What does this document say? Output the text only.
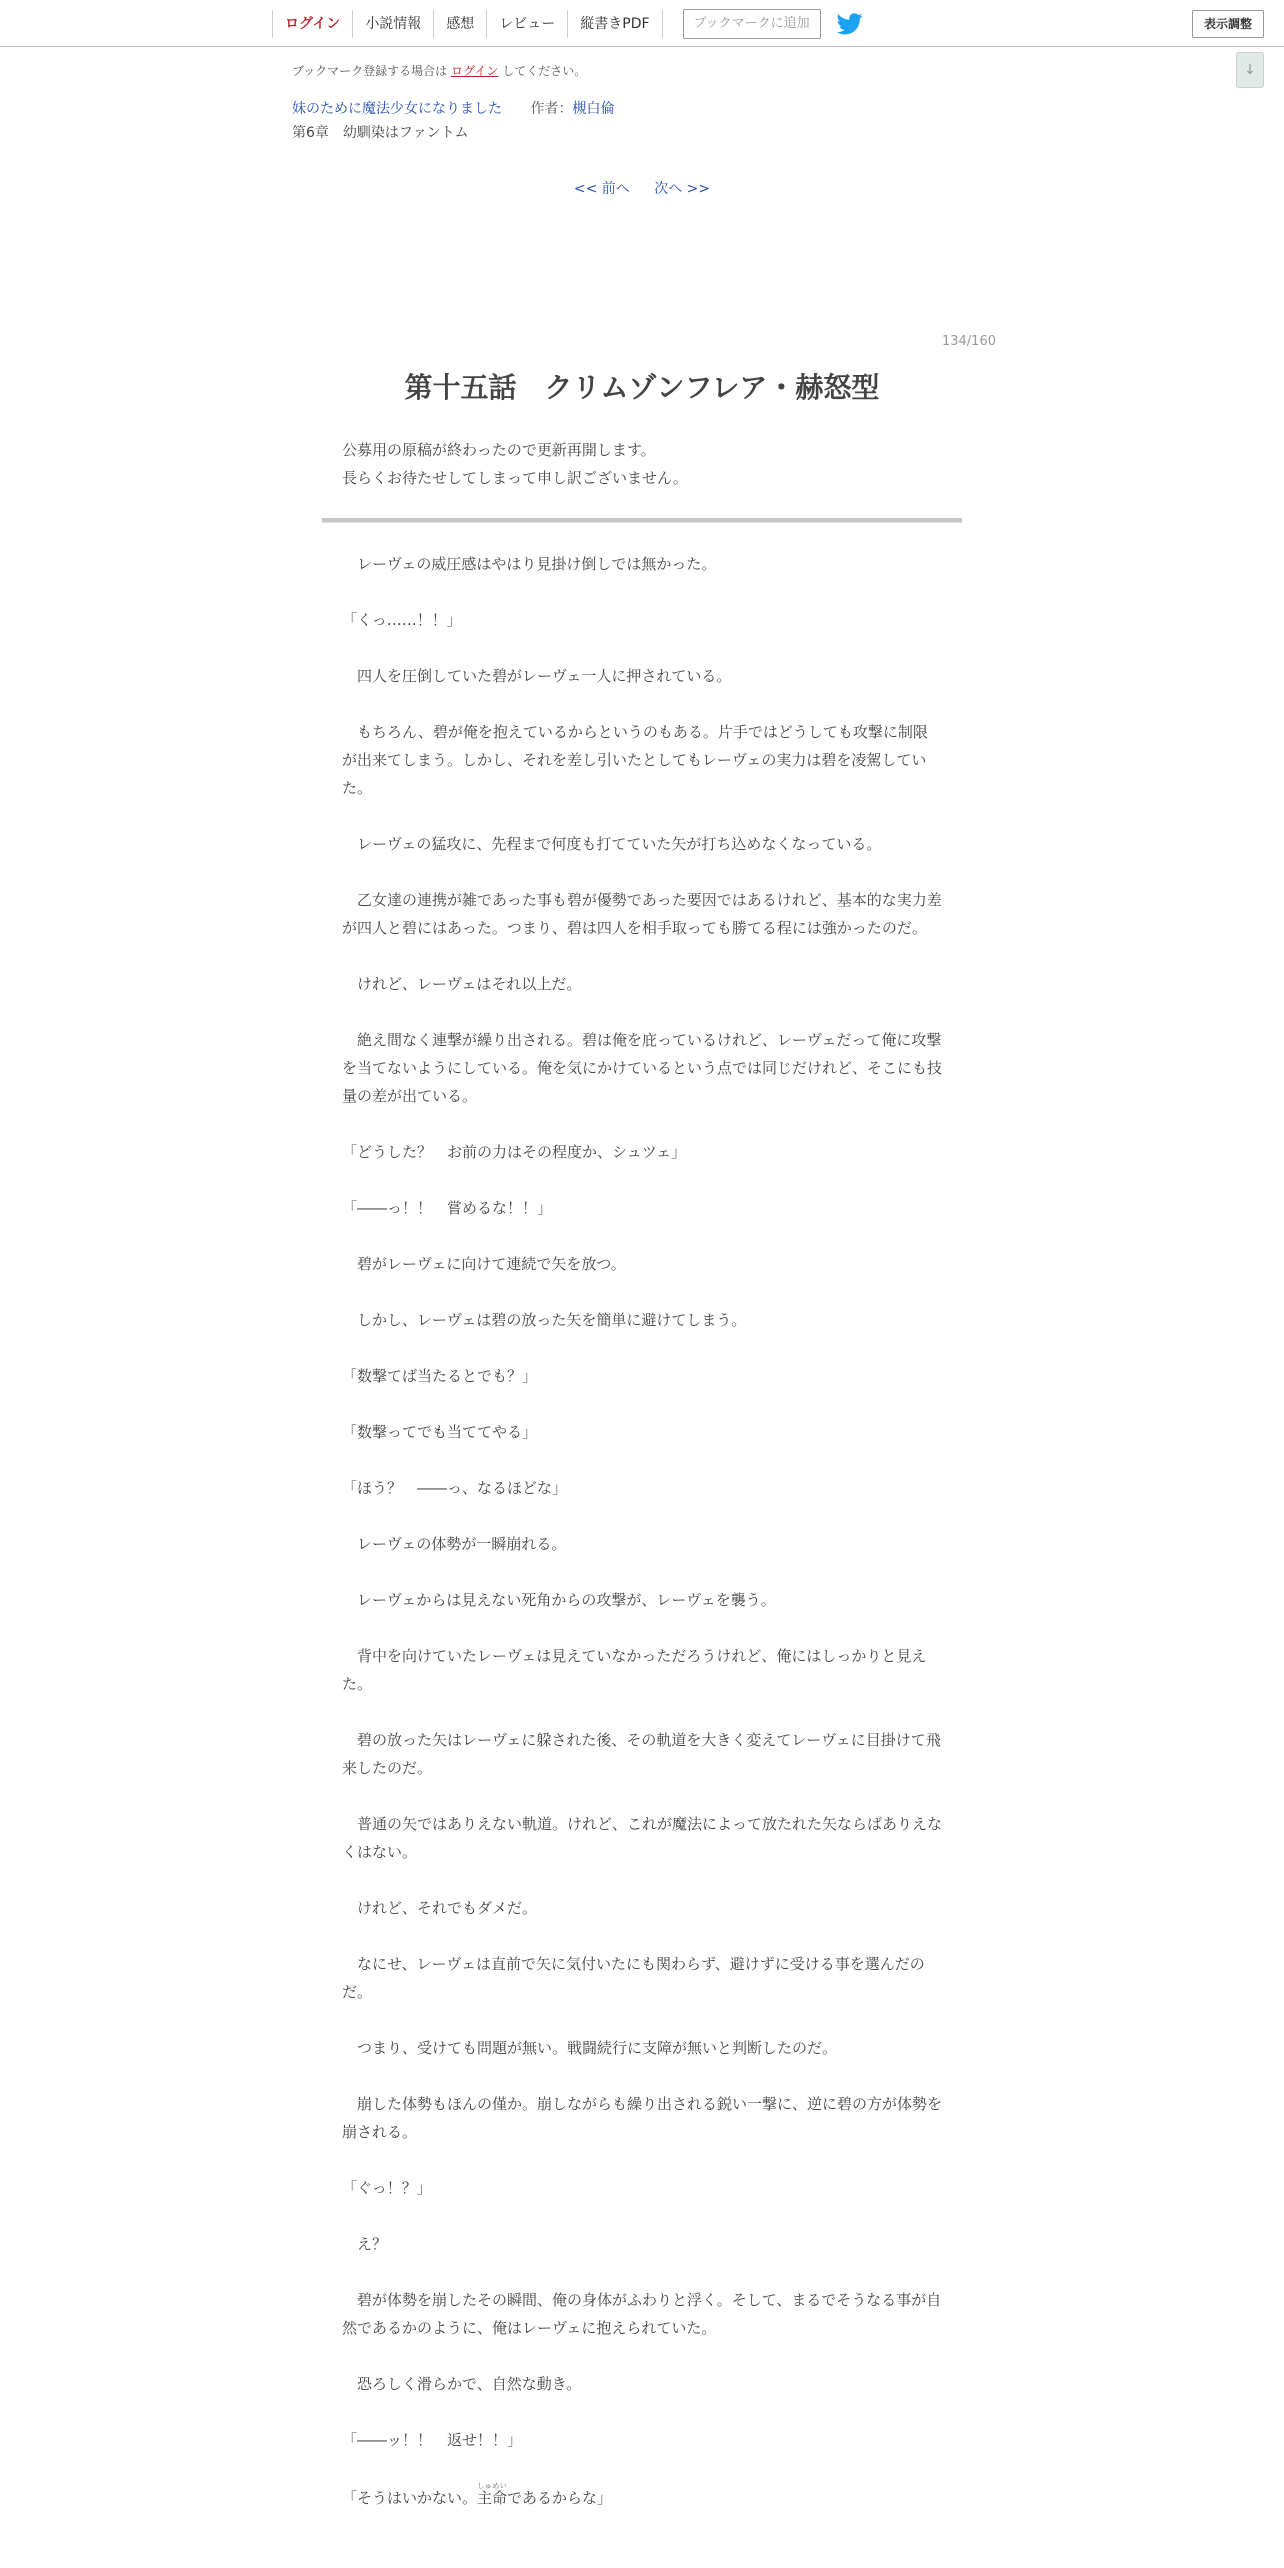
ログイン	小説情報	感想	レビュー	縦書きPDF	ブックマークに追加	表示調整
↓
ブックマーク登録する場合は ログイン してください。
妹のために魔法少女になりました 作者：槻白倫
第6章　幼馴染はファントム
<< 前へ 次へ >>
134/160
第十五話　クリムゾンフレア・赫怒型

公募用の原稿が終わったので更新再開します。

長らくお待たせしてしまって申し訳ございません。

　レーヴェの威圧感はやはり見掛け倒しでは無かった。

「くっ……！！」

　四人を圧倒していた碧がレーヴェ一人に押されている。

　もちろん、碧が俺を抱えているからというのもある。片手ではどうしても攻撃に制限が出来てしまう。しかし、それを差し引いたとしてもレーヴェの実力は碧を凌駕していた。

　レーヴェの猛攻に、先程まで何度も打てていた矢が打ち込めなくなっている。

　乙女達の連携が雑であった事も碧が優勢であった要因ではあるけれど、基本的な実力差が四人と碧にはあった。つまり、碧は四人を相手取っても勝てる程には強かったのだ。

　けれど、レーヴェはそれ以上だ。

　絶え間なく連撃が繰り出される。碧は俺を庇っているけれど、レーヴェだって俺に攻撃を当てないようにしている。俺を気にかけているという点では同じだけれど、そこにも技量の差が出ている。

「どうした？　お前の力はその程度か、シュツェ」

「――っ！！　嘗めるな！！」

　碧がレーヴェに向けて連続で矢を放つ。

　しかし、レーヴェは碧の放った矢を簡単に避けてしまう。

「数撃てば当たるとでも？」

「数撃ってでも当ててやる」

「ほう？　――っ、なるほどな」

　レーヴェの体勢が一瞬崩れる。

　レーヴェからは見えない死角からの攻撃が、レーヴェを襲う。

　背中を向けていたレーヴェは見えていなかっただろうけれど、俺にはしっかりと見えた。

　碧の放った矢はレーヴェに躱された後、その軌道を大きく変えてレーヴェに目掛けて飛来したのだ。

　普通の矢ではありえない軌道。けれど、これが魔法によって放たれた矢ならばありえなくはない。

　けれど、それでもダメだ。

　なにせ、レーヴェは直前で矢に気付いたにも関わらず、避けずに受ける事を選んだのだ。

　つまり、受けても問題が無い。戦闘続行に支障が無いと判断したのだ。

　崩した体勢もほんの僅か。崩しながらも繰り出される鋭い一撃に、逆に碧の方が体勢を崩される。

「ぐっ！？」

　え？

　碧が体勢を崩したその瞬間、俺の身体がふわりと浮く。そして、まるでそうなる事が自然であるかのように、俺はレーヴェに抱えられていた。

　恐ろしく滑らかで、自然な動き。

「――ッ！！　返せ！！」

「そうはいかない。主命しゅめいであるからな」
